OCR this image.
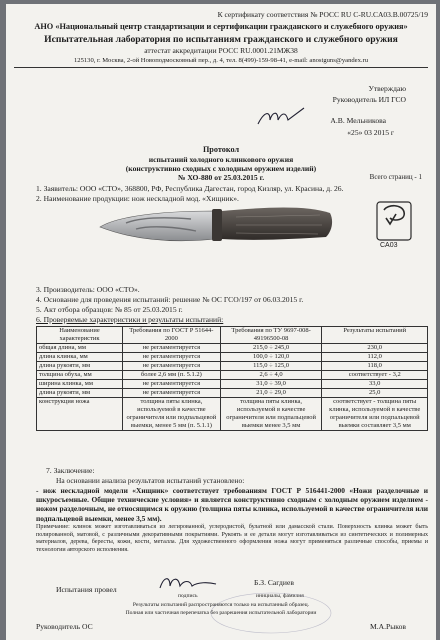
К сертификату соответствия № РОСС RU C-RU.CA03.B.00725/19
АНО «Национальный центр стандартизации и сертификации гражданского и служебного оружия»
Испытательная лаборатория по испытаниям гражданского и служебного оружия
аттестат аккредитации РОСС RU.0001.21МЖ38
125130, г. Москва, 2-ой Новоподмосковный пер., д. 4, тел. 8(499)-159-98-41, e-mail: anostguns@yandex.ru
Утверждаю
Руководитель ИЛ ГСО
А.В. Мельникова
«25» 03 2015 г
Протокол
испытаний холодного клинкового оружия
(конструктивно сходных с холодным оружием изделий)
№ ХО-880 от 25.03.2015 г.	Всего страниц - 1
1. Заявитель: ООО «СТО», 368800, РФ, Республика Дагестан, город Кизляр, ул. Красина, д. 26.
2. Наименование продукции: нож нескладной мод. «Хищник».
CA03
3. Производитель: ООО «СТО».
4. Основание для проведения испытаний: решение № ОС ГСО/197 от 06.03.2015 г.
5. Акт отбора образцов: № 85 от 25.03.2015 г.
6. Проверяемые характеристики и результаты испытаний:
Наименование характеристик	Требования по ГОСТ Р 51644-2000	Требования по ТУ 9697-008-49196500-08	Результаты испытаний
общая длина, мм	не регламентируется	215,0 ÷ 245,0	230,0
длина клинка, мм	не регламентируется	100,0 ÷ 120,0	112,0
длина рукояти, мм	не регламентируется	115,0 ÷ 125,0	118,0
толщина обуха, мм	более 2,6 мм (п. 5.1.2)	2,6 ÷ 4,0	соответствует - 3,2
ширина клинка, мм	не регламентируется	31,0 ÷ 39,0	33,0
длина рукояти, мм	не регламентируется	21,0 ÷ 29,0	25,0
конструкция ножа	толщина пяты клинка, используемой в качестве ограничителя или подпальцевой выемки, менее 5 мм (п. 5.1.1)	толщина пяты клинка, используемой в качестве ограничителя или подпальцевой выемки менее 3,5 мм	соответствует - толщина пяты клинка, используемой в качестве ограничителя или подпальцевой выемки составляет 3,5 мм
7. Заключение:
На основании анализа результатов испытаний установлено:
- нож нескладной модели «Хищник» соответствует требованиям ГОСТ Р 516441-2000 «Ножи разделочные и шкуросъемные. Общие технические условия» и является конструктивно сходным с холодным оружием изделием - ножом разделочным, не относящимся к оружию (толщина пяты клинка, используемой в качестве ограничителя или подпальцевой выемки, менее 3,5 мм).
Примечание: клинок может изготавливаться из легированной, углеродистой, булатной или дамасской стали. Поверхность клинка может быть полированной, матовой, с различными декоративными покрытиями. Рукоять и ее детали могут изготавливаться из синтетических и полимерных материалов, дерева, бересты, кожи, кости, металла. Для художественного оформления ножа могут применяться различные способы, приемы и технологии авторского исполнения.
Испытания провел
Б.З. Сагдиев
подпись	инициалы, фамилия
Результаты испытаний распространяются только на испытанный образец.
Полная или частичная перепечатка без разрешения испытательной лаборатории
Руководитель ОС	М.А.Рыков
